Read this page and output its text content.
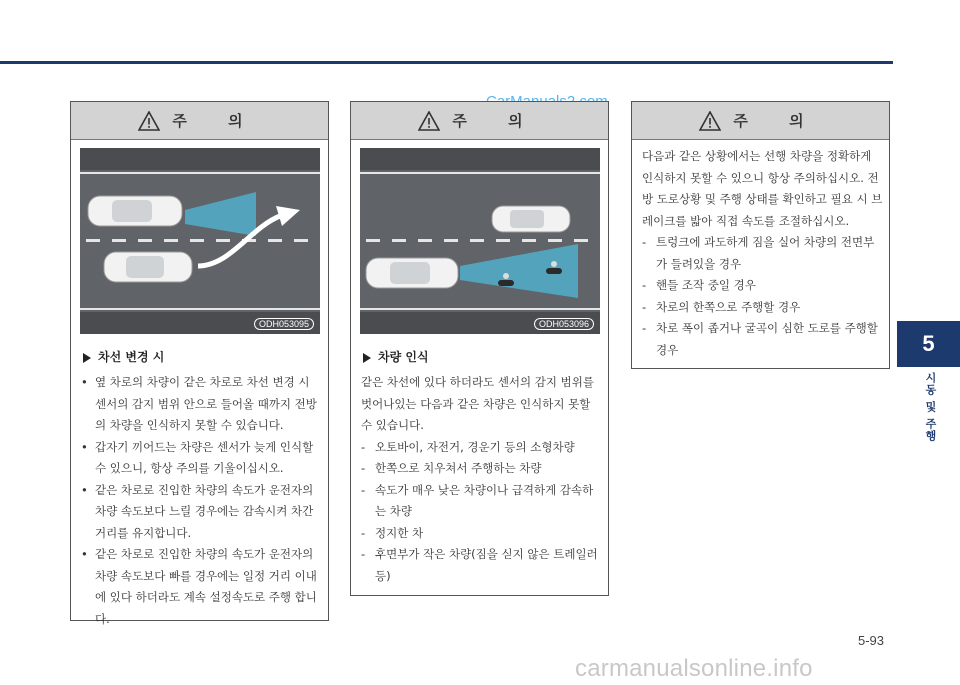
주 의
ODH053095
차선 변경 시
• 옆 차로의 차량이 같은 차로로 차선 변경 시 센서의 감지 범위 안으로 들어올 때까지 전방의 차량을 인식하지 못할 수 있습니다.
• 갑자기 끼어드는 차량은 센서가 늦게 인식할 수 있으니, 항상 주의를 기울이십시오.
• 같은 차로로 진입한 차량의 속도가 운전자의 차량 속도보다 느릴 경우에는 감속시켜 차간거리를 유지합니다.
• 같은 차로로 진입한 차량의 속도가 운전자의 차량 속도보다 빠를 경우에는 일정 거리 이내에 있다 하더라도 계속 설정속도로 주행 합니다.
주 의
ODH053096
차량 인식
같은 차선에 있다 하더라도 센서의 감지 범위를 벗어나있는 다음과 같은 차량은 인식하지 못할 수 있습니다.
- 오토바이, 자전거, 경운기 등의 소형차량
- 한쪽으로 치우쳐서 주행하는 차량
- 속도가 매우 낮은 차량이나 급격하게 감속하는 차량
- 정지한 차
- 후면부가 작은 차량(짐을 싣지 않은 트레일러 등)
주 의
다음과 같은 상황에서는 선행 차량을 정확하게 인식하지 못할 수 있으니 항상 주의하십시오. 전방 도로상황 및 주행 상태를 확인하고 필요 시 브레이크를 밟아 직접 속도를 조절하십시오.
- 트렁크에 과도하게 짐을 실어 차량의 전면부가 들려있을 경우
- 핸들 조작 중일 경우
- 차로의 한쪽으로 주행할 경우
- 차로 폭이 좁거나 굴곡이 심한 도로를 주행할 경우	5
시동 및 주행
5-93
carmanualsonline.info
